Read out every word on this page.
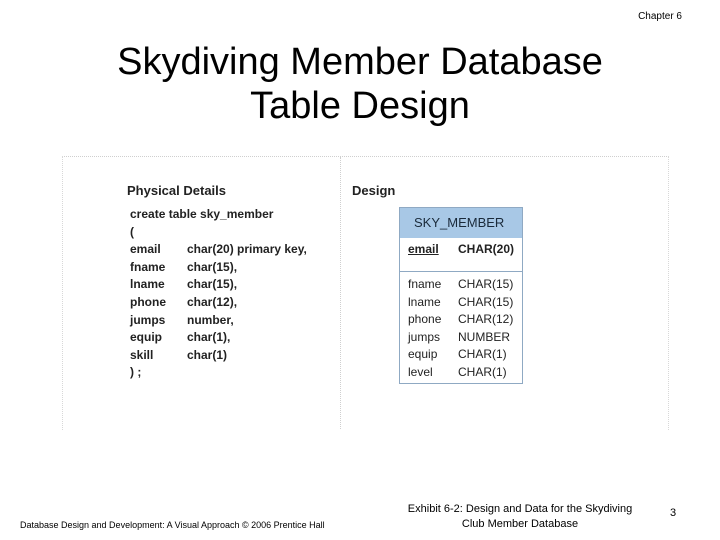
Chapter 6
Skydiving Member Database
Table Design
Physical Details	Design
create table sky_member
(
email char(20) primary key,
fname char(15),
lname char(15),
phone char(12),
jumps number,
equip char(1),
skill	char(1)
) ;
SKY_MEMBER
email CHAR(20)
fname CHAR(15)
lname CHAR(15)
phone CHAR(12)
jumps NUMBER
equip CHAR(1)
level CHAR(1)
Database Design and Development: A Visual Approach © 2006 Prentice Hall
Exhibit 6-2: Design and Data for the Skydiving
Club Member Database
3
